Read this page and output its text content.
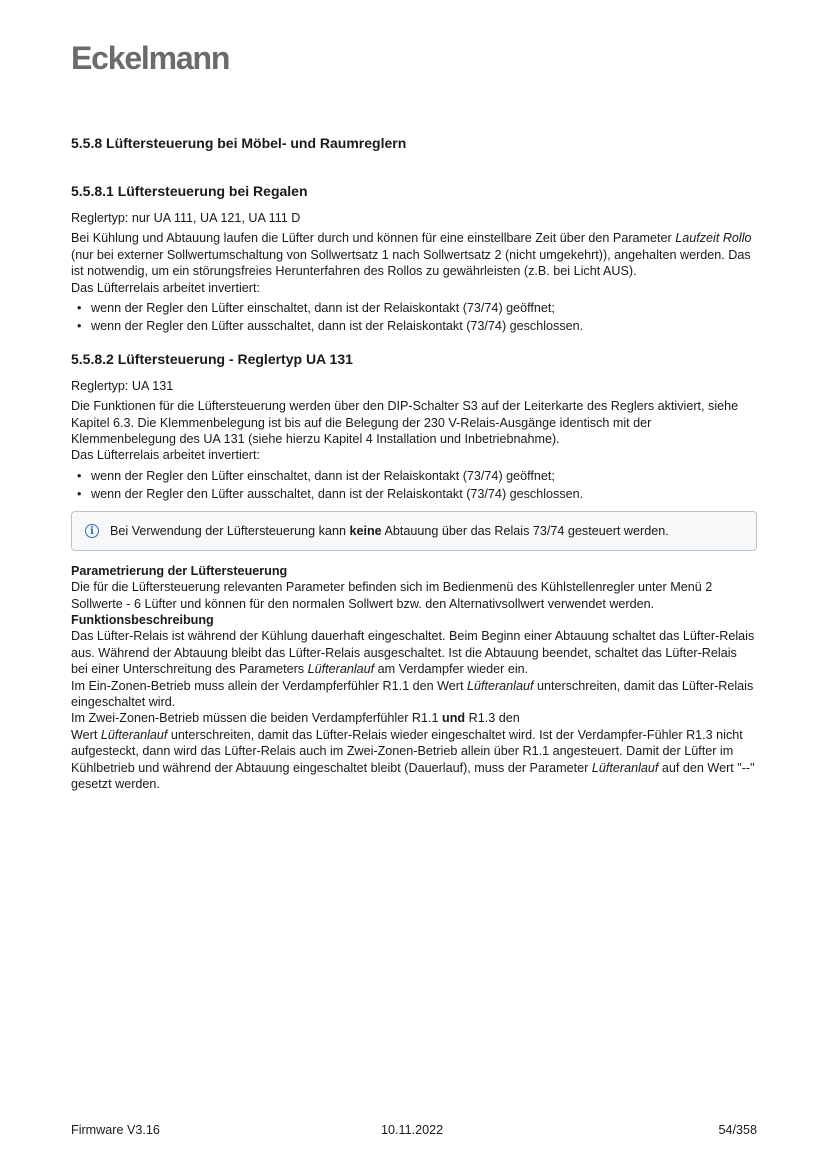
Eckelmann
5.5.8 Lüftersteuerung bei Möbel- und Raumreglern
5.5.8.1 Lüftersteuerung bei Regalen

Reglertyp: nur UA 111, UA 121, UA 111 D

Bei Kühlung und Abtauung laufen die Lüfter durch und können für eine einstellbare Zeit über den Parameter Laufzeit Rollo (nur bei externer Sollwertumschaltung von Sollwertsatz 1 nach Sollwertsatz 2 (nicht umgekehrt)), angehalten werden. Das ist notwendig, um ein störungsfreies Herunterfahren des Rollos zu gewährleisten (z.B. bei Licht AUS).

Das Lüfterrelais arbeitet invertiert:

• wenn der Regler den Lüfter einschaltet, dann ist der Relaiskontakt (73/74) geöffnet;
• wenn der Regler den Lüfter ausschaltet, dann ist der Relaiskontakt (73/74) geschlossen.
5.5.8.2 Lüftersteuerung - Reglertyp UA 131

Reglertyp: UA 131

Die Funktionen für die Lüftersteuerung werden über den DIP-Schalter S3 auf der Leiterkarte des Reglers aktiviert, siehe Kapitel 6.3. Die Klemmenbelegung ist bis auf die Belegung der 230 V-Relais-Ausgänge identisch mit der Klemmenbelegung des UA 131 (siehe hierzu Kapitel 4 Installation und Inbetriebnahme).

Das Lüfterrelais arbeitet invertiert:

• wenn der Regler den Lüfter einschaltet, dann ist der Relaiskontakt (73/74) geöffnet;
• wenn der Regler den Lüfter ausschaltet, dann ist der Relaiskontakt (73/74) geschlossen.
i	Bei Verwendung der Lüftersteuerung kann keine Abtauung über das Relais 73/74 gesteuert werden.

Parametrierung der Lüftersteuerung

Die für die Lüftersteuerung relevanten Parameter befinden sich im Bedienmenü des Kühlstellenregler unter Menü 2 Sollwerte - 6 Lüfter und können für den normalen Sollwert bzw. den Alternativsollwert verwendet werden.

Funktionsbeschreibung

Das Lüfter-Relais ist während der Kühlung dauerhaft eingeschaltet. Beim Beginn einer Abtauung schaltet das Lüfter-Relais aus. Während der Abtauung bleibt das Lüfter-Relais ausgeschaltet. Ist die Abtauung beendet, schaltet das Lüfter-Relais bei einer Unterschreitung des Parameters Lüfteranlauf am Verdampfer wieder ein.

Im Ein-Zonen-Betrieb muss allein der Verdampferfühler R1.1 den Wert Lüfteranlauf unterschreiten, damit das Lüfter-Relais eingeschaltet wird.

Im Zwei-Zonen-Betrieb müssen die beiden Verdampferfühler R1.1 und R1.3 den

Wert Lüfteranlauf unterschreiten, damit das Lüfter-Relais wieder eingeschaltet wird. Ist der Verdampfer-Fühler R1.3 nicht aufgesteckt, dann wird das Lüfter-Relais auch im Zwei-Zonen-Betrieb allein über R1.1 angesteuert. Damit der Lüfter im Kühlbetrieb und während der Abtauung eingeschaltet bleibt (Dauerlauf), muss der Parameter Lüfteranlauf auf den Wert "--" gesetzt werden.

Firmware V3.16	10.11.2022	54/358
